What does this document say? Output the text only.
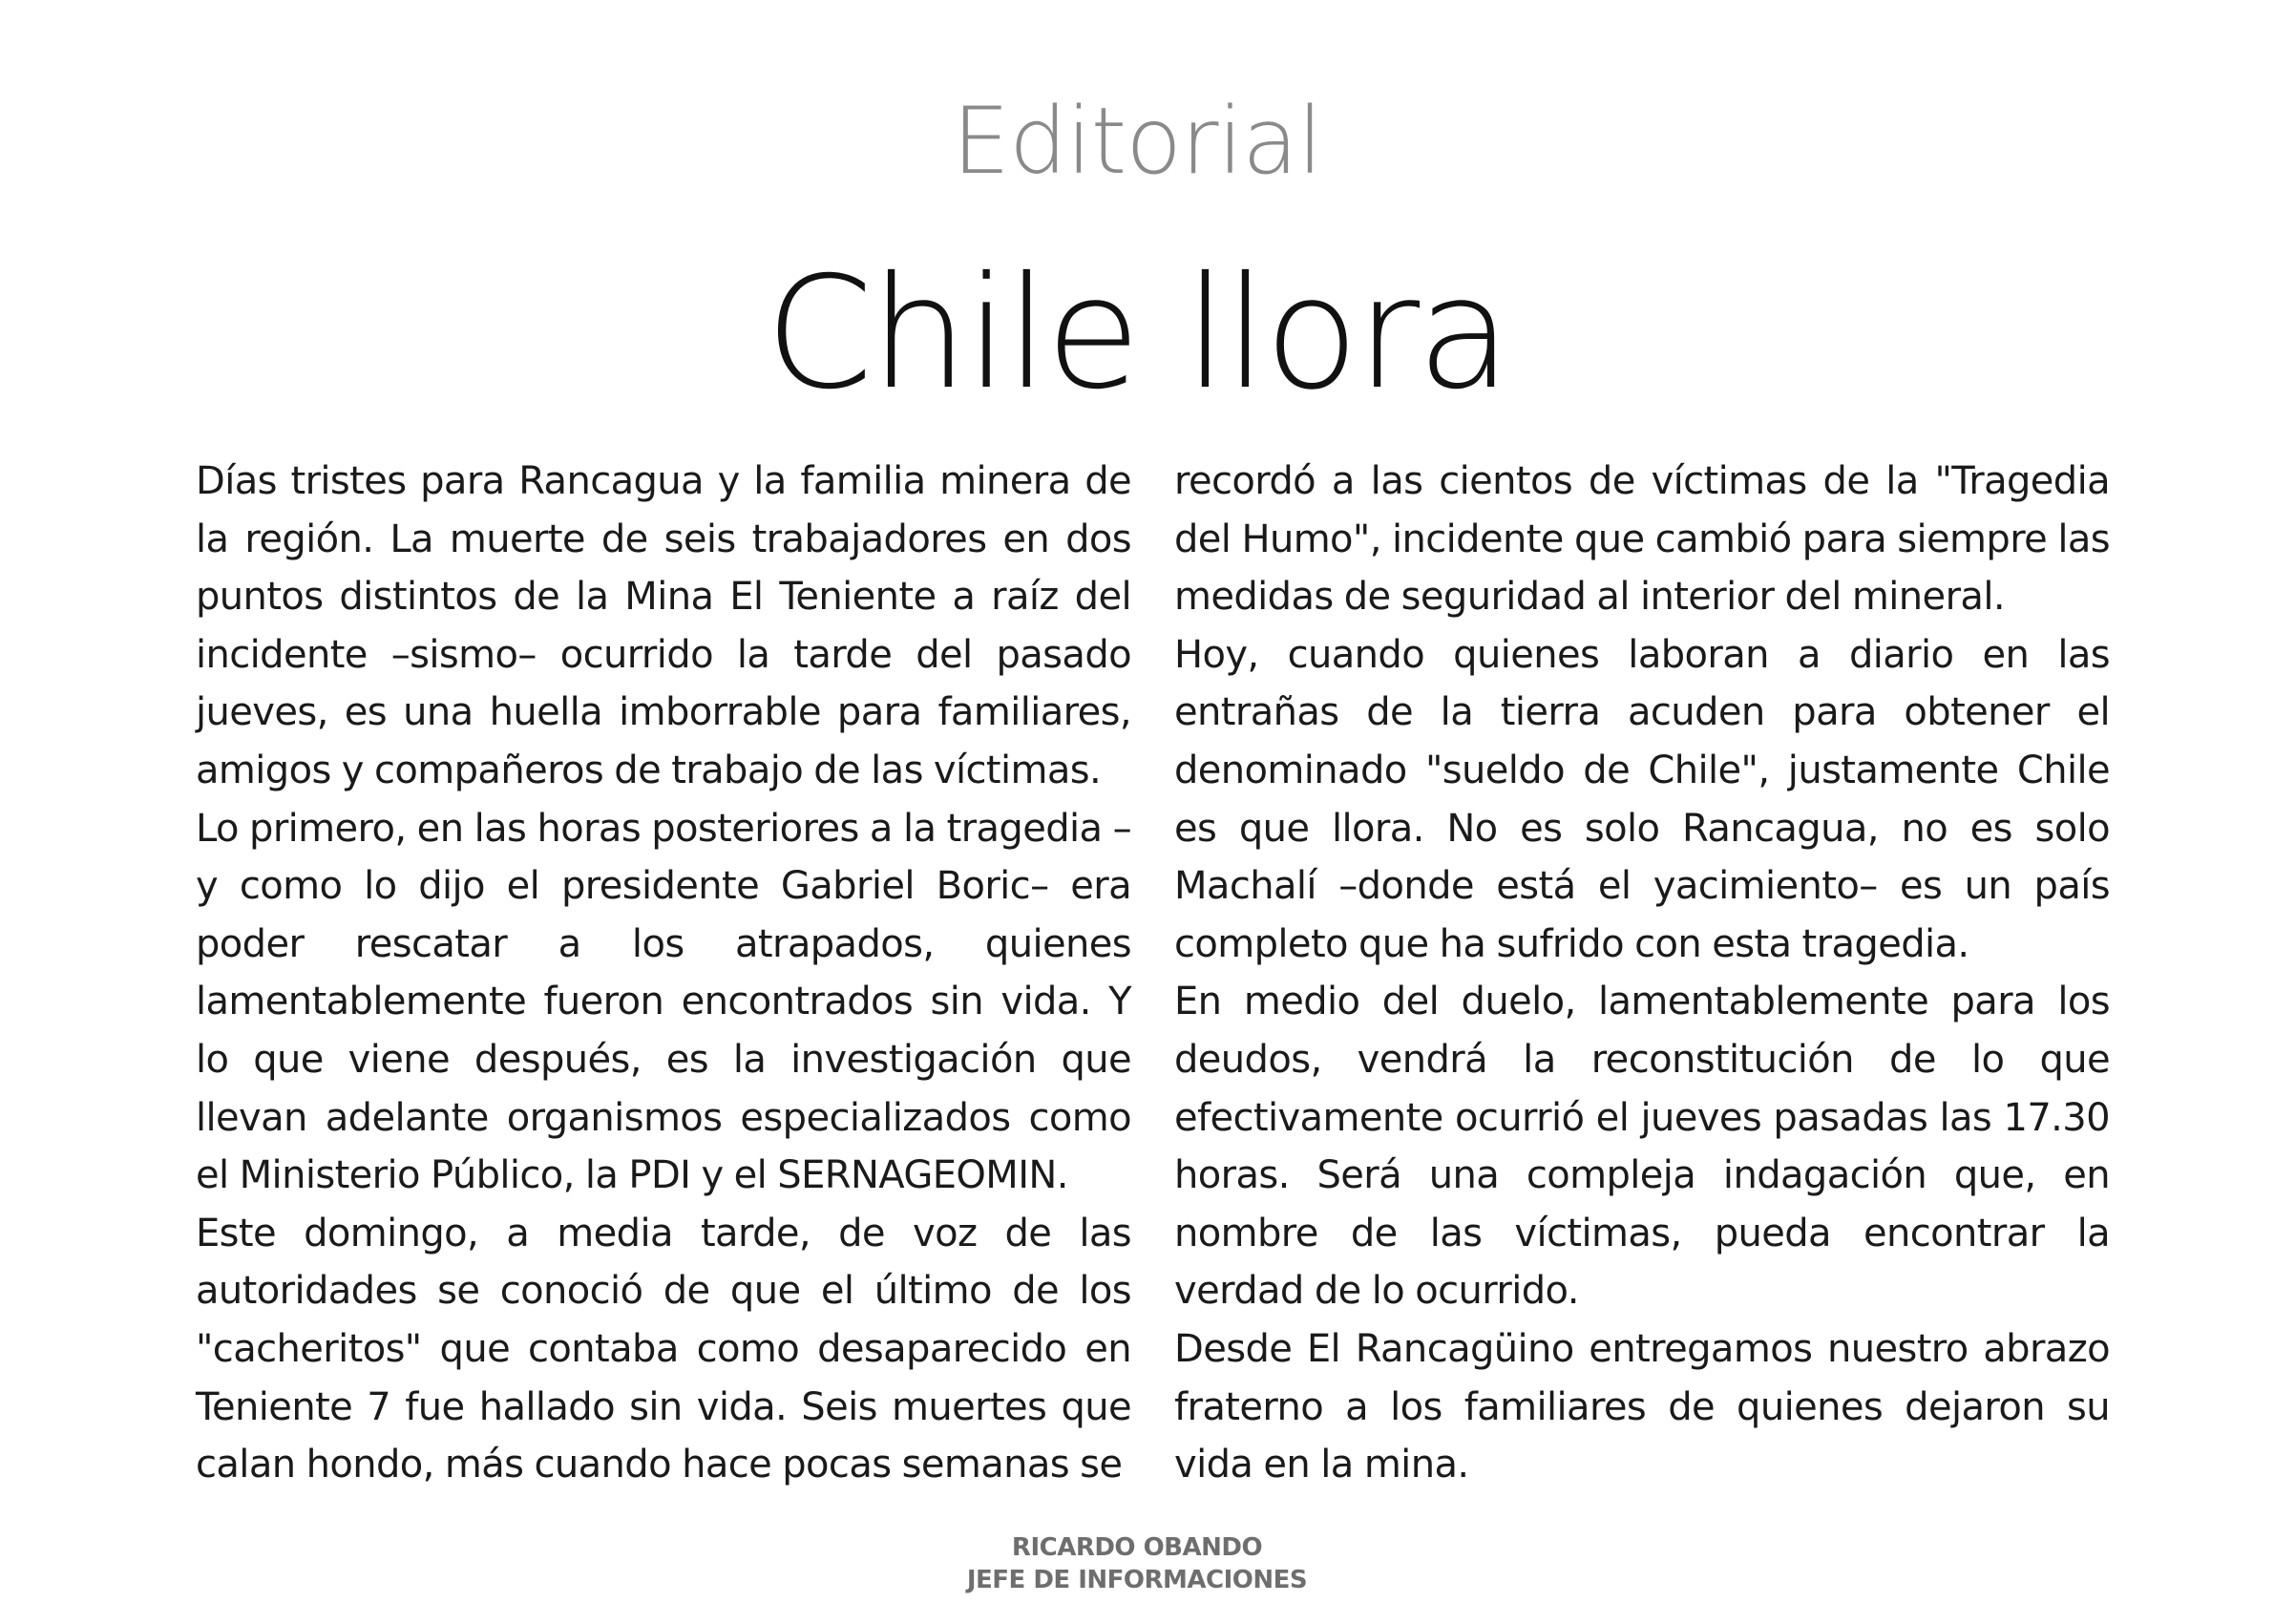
Editorial
Chile llora

Días tristes para Rancagua y la familia minera de la región. La muerte de seis trabajadores en dos puntos distintos de la Mina El Teniente a raíz del incidente –sismo– ocurrido la tarde del pasado jueves, es una huella imborrable para familiares, amigos y compañeros de trabajo de las víctimas.

Lo primero, en las horas posteriores a la tragedia –y como lo dijo el presidente Gabriel Boric– era poder rescatar a los atrapados, quienes lamentablemente fueron encontrados sin vida. Y lo que viene después, es la investigación que llevan adelante organismos especializados como el Ministerio Público, la PDI y el SERNAGEOMIN.

Este domingo, a media tarde, de voz de las autoridades se conoció de que el último de los "cacheritos" que contaba como desaparecido en Teniente 7 fue hallado sin vida. Seis muertes que calan hondo, más cuando hace pocas semanas se

recordó a las cientos de víctimas de la "Tragedia del Humo", incidente que cambió para siempre las medidas de seguridad al interior del mineral.

Hoy, cuando quienes laboran a diario en las entrañas de la tierra acuden para obtener el denominado "sueldo de Chile", justamente Chile es que llora. No es solo Rancagua, no es solo Machalí –donde está el yacimiento– es un país completo que ha sufrido con esta tragedia.

En medio del duelo, lamentablemente para los deudos, vendrá la reconstitución de lo que efectivamente ocurrió el jueves pasadas las 17.30 horas. Será una compleja indagación que, en nombre de las víctimas, pueda encontrar la verdad de lo ocurrido.

Desde El Rancagüino entregamos nuestro abrazo fraterno a los familiares de quienes dejaron su vida en la mina.

RICARDO OBANDO
JEFE DE INFORMACIONES
